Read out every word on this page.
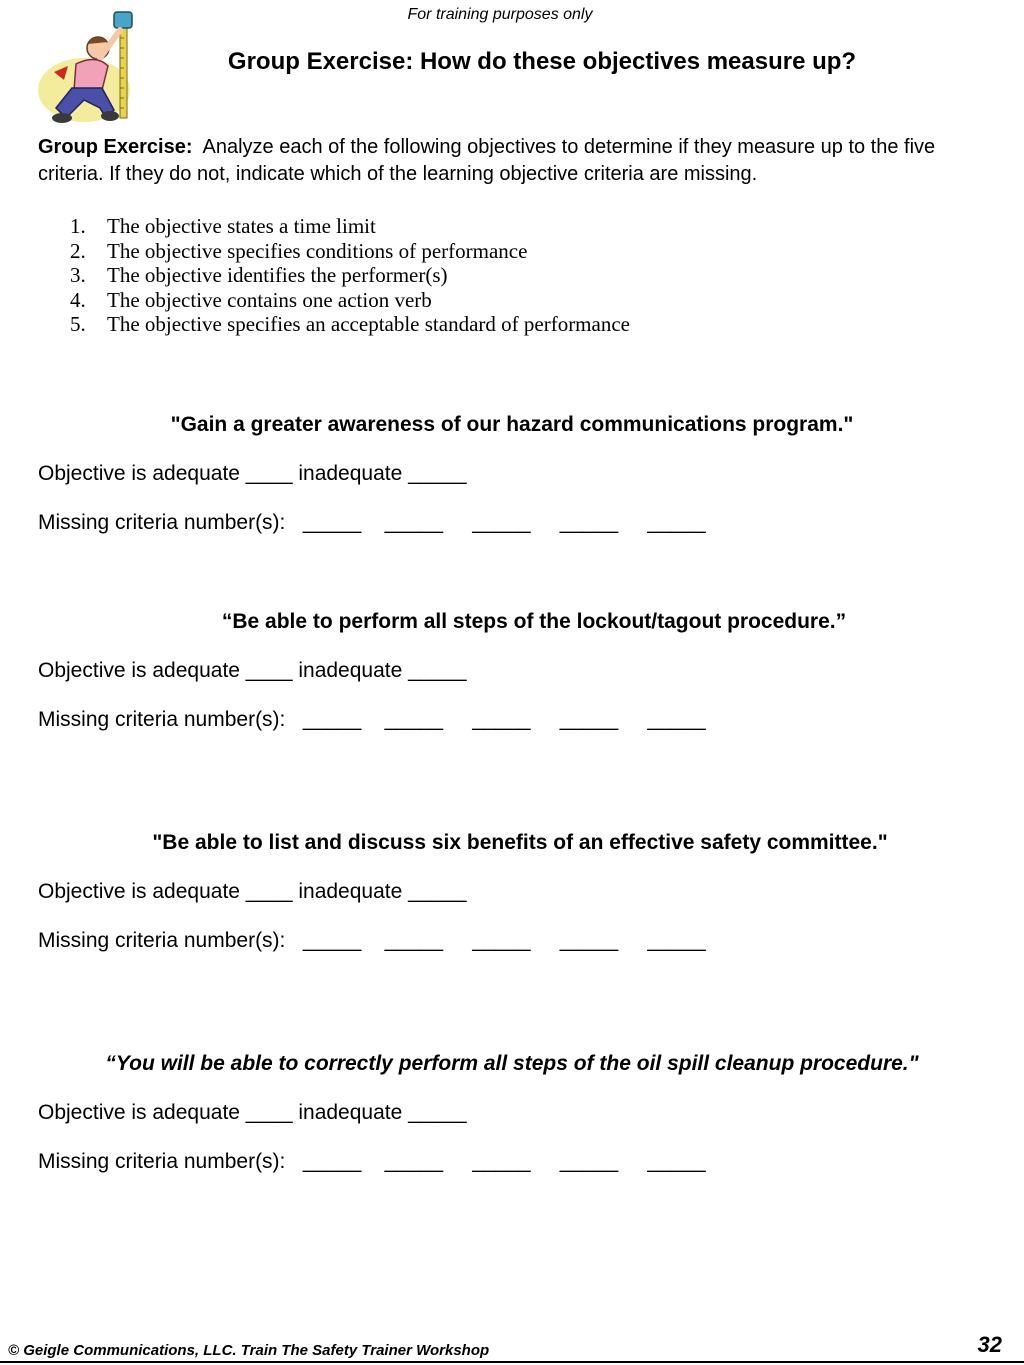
For training purposes only
Group Exercise: How do these objectives measure up?
Group Exercise: Analyze each of the following objectives to determine if they measure up to the five criteria. If they do not, indicate which of the learning objective criteria are missing.
1. The objective states a time limit
2. The objective specifies conditions of performance
3. The objective identifies the performer(s)
4. The objective contains one action verb
5. The objective specifies an acceptable standard of performance
"Gain a greater awareness of our hazard communications program."
Objective is adequate ____ inadequate _____
Missing criteria number(s):   _____    _____     _____     _____     _____
“Be able to perform all steps of the lockout/tagout procedure.”
Objective is adequate ____ inadequate _____
Missing criteria number(s):   _____    _____     _____     _____     _____
"Be able to list and discuss six benefits of an effective safety committee."
Objective is adequate ____ inadequate _____
Missing criteria number(s):   _____    _____     _____     _____     _____
“You will be able to correctly perform all steps of the oil spill cleanup procedure."
Objective is adequate ____ inadequate _____
Missing criteria number(s):   _____    _____     _____     _____     _____
© Geigle Communications, LLC. Train The Safety Trainer Workshop	32
